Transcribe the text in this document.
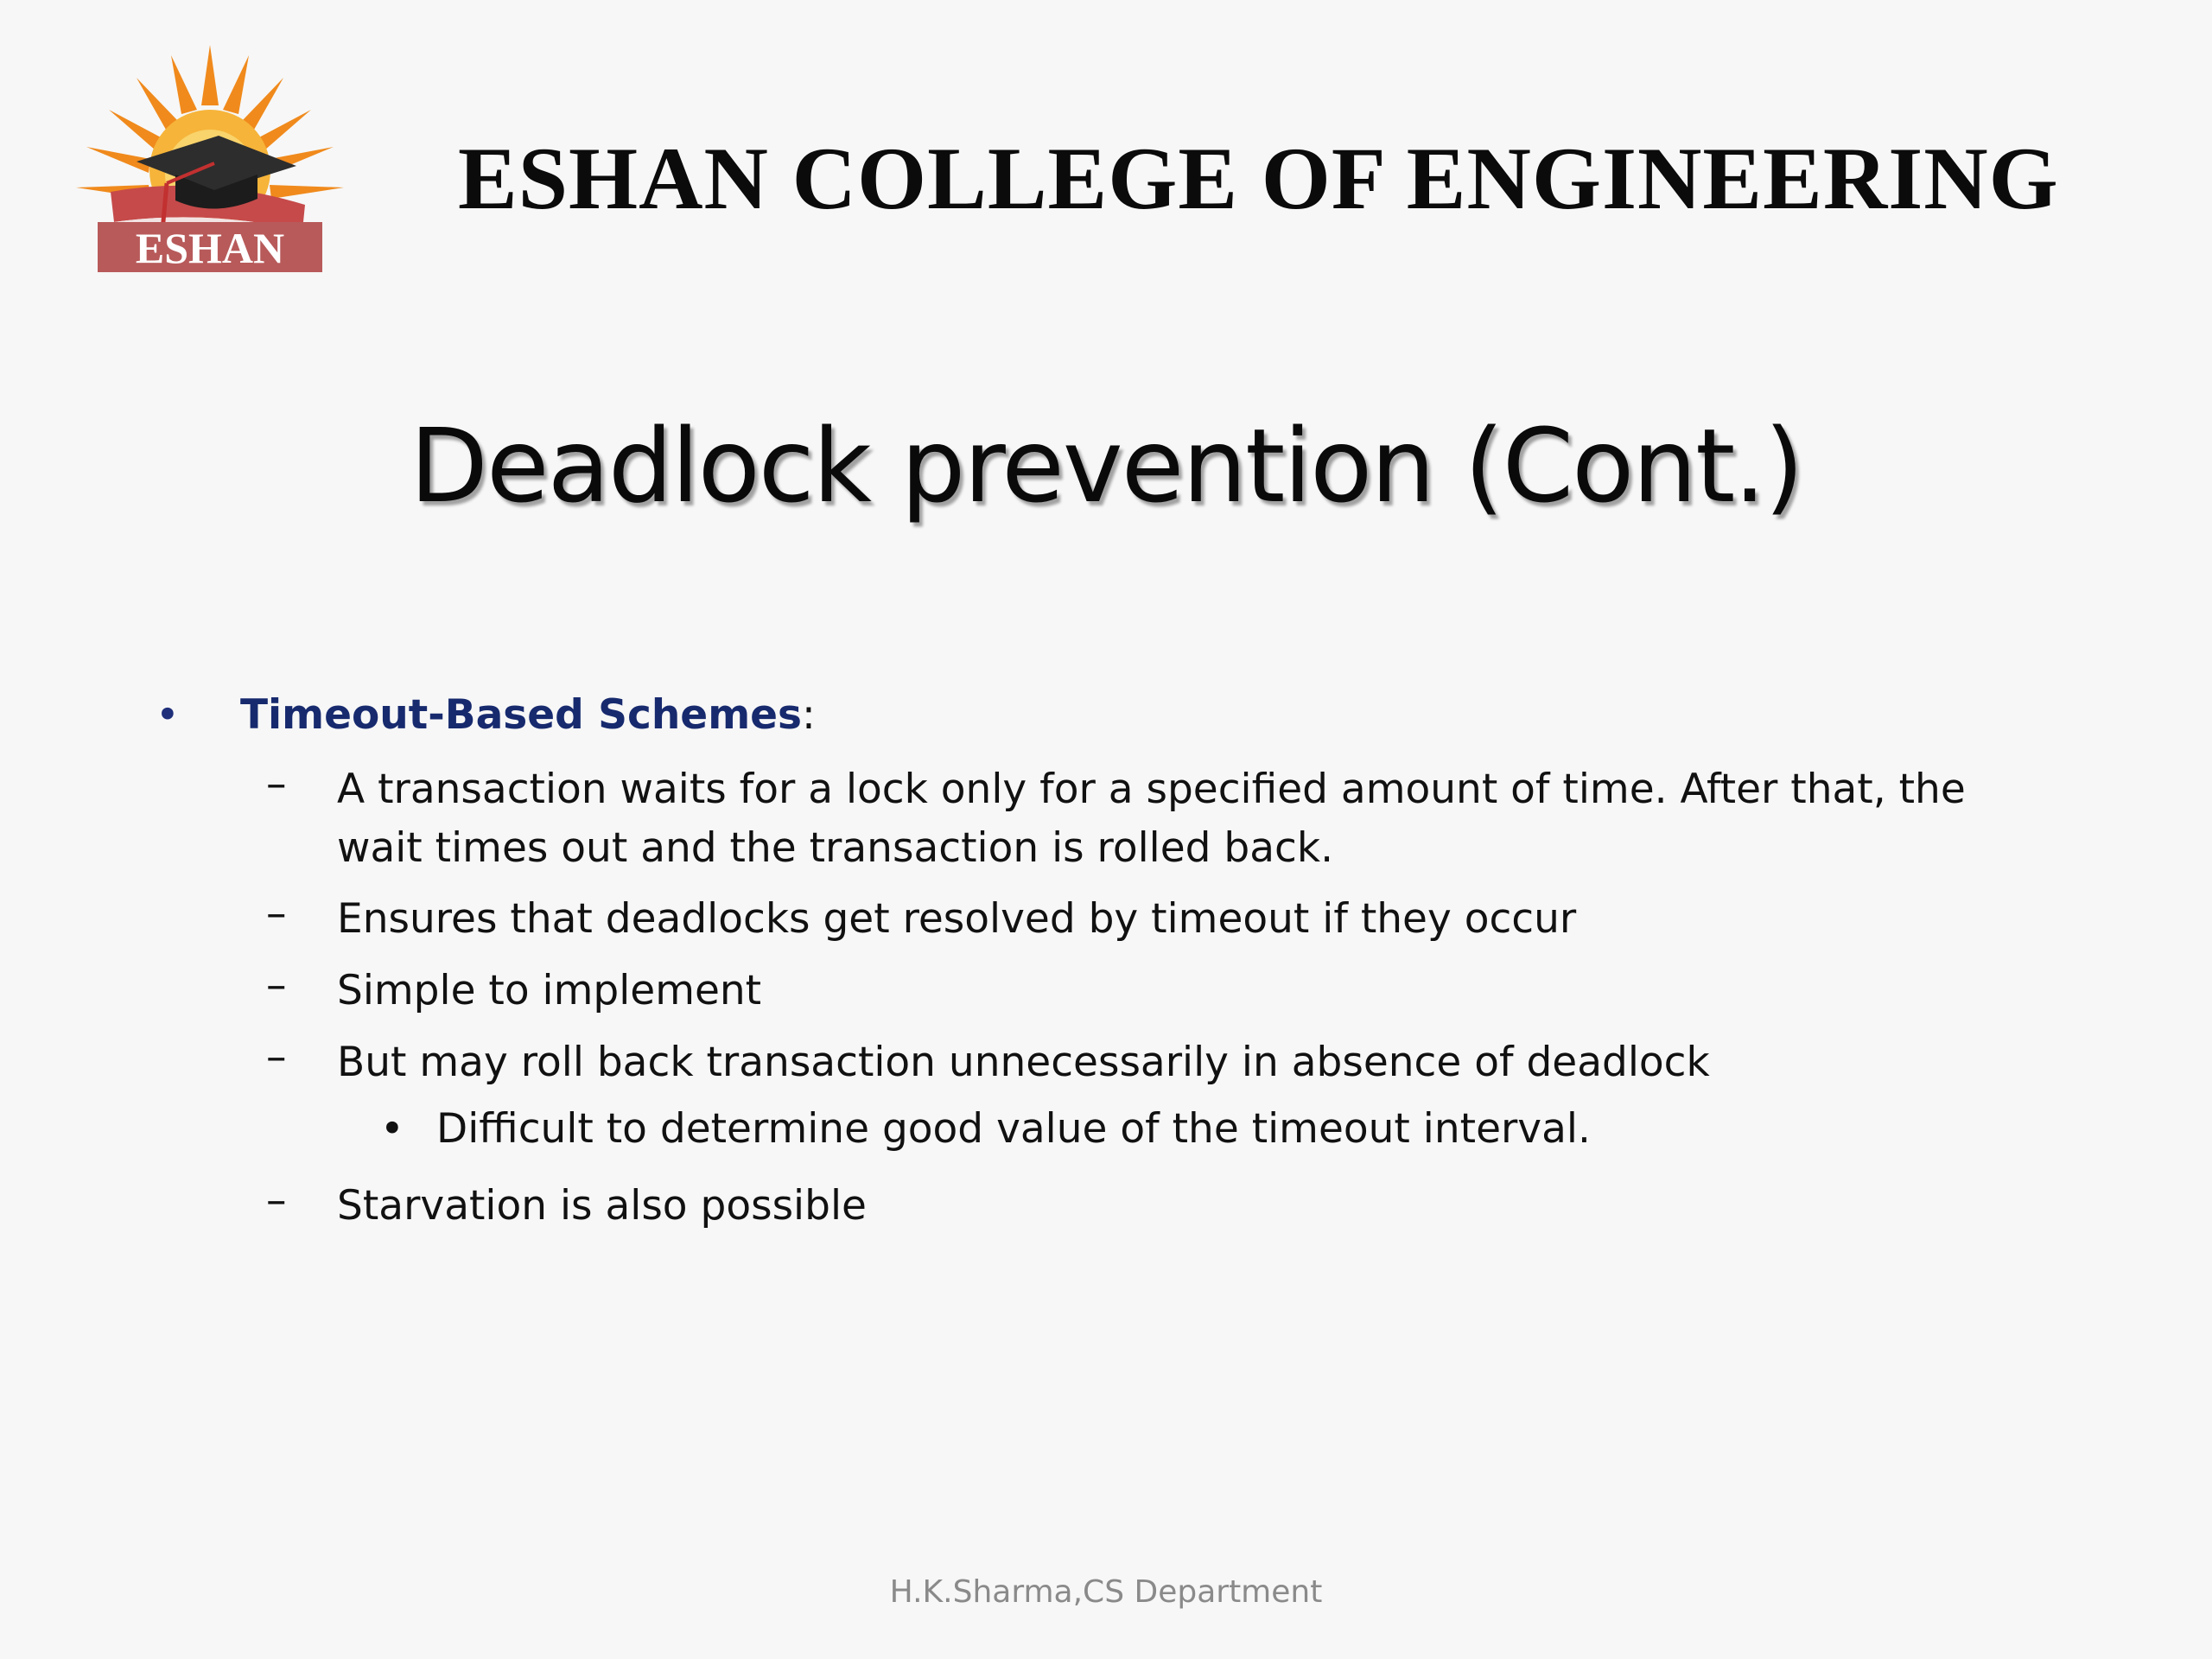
ESHAN
ESHAN COLLEGE OF ENGINEERING
Deadlock prevention (Cont.)
• Timeout-Based Schemes:
– A transaction waits for a lock only for a specified amount of time. After that, the
wait times out and the transaction is rolled back.
– Ensures that deadlocks get resolved by timeout if they occur
– Simple to implement
– But may roll back transaction unnecessarily in absence of deadlock
• Difficult to determine good value of the timeout interval.
– Starvation is also possible
H.K.Sharma,CS Department
